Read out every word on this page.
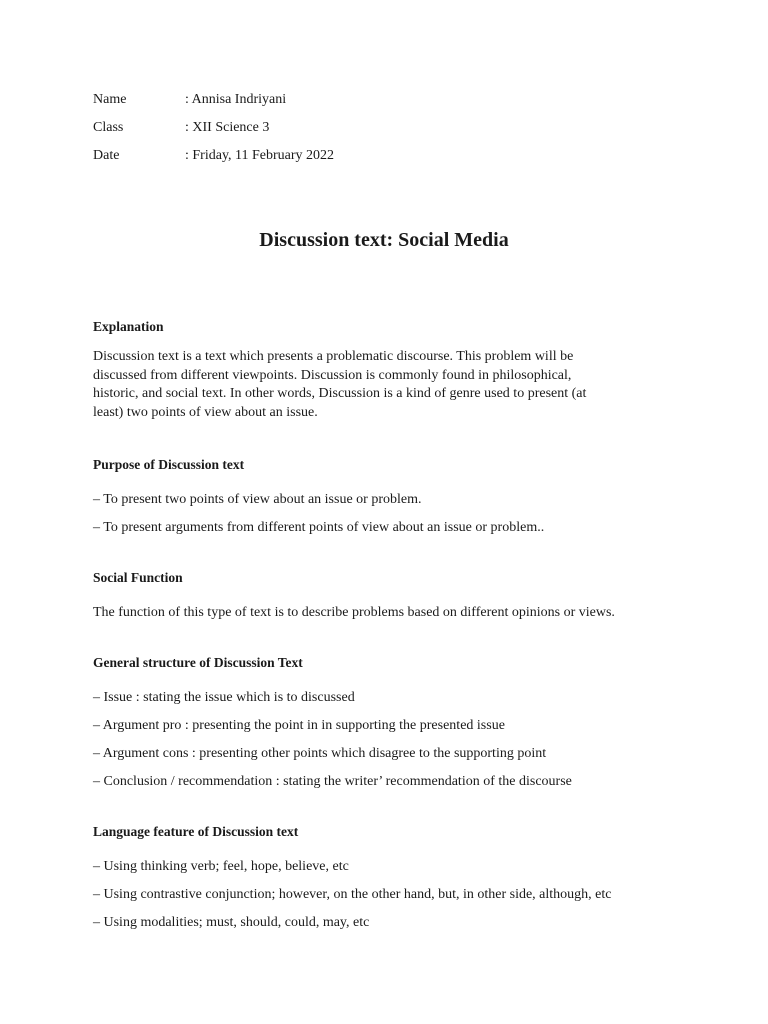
Name	: Annisa Indriyani
Class	: XII Science 3
Date	: Friday, 11 February 2022
Discussion text: Social Media

Explanation

Discussion text is a text which presents a problematic discourse. This problem will be

discussed from different viewpoints. Discussion is commonly found in philosophical,

historic, and social text. In other words, Discussion is a kind of genre used to present (at

least) two points of view about an issue.

Purpose of Discussion text

– To present two points of view about an issue or problem.

– To present arguments from different points of view about an issue or problem..

Social Function

The function of this type of text is to describe problems based on different opinions or views.

General structure of Discussion Text

– Issue : stating the issue which is to discussed

– Argument pro : presenting the point in in supporting the presented issue

– Argument cons : presenting other points which disagree to the supporting point

– Conclusion / recommendation : stating the writer’ recommendation of the discourse

Language feature of Discussion text

– Using thinking verb; feel, hope, believe, etc

– Using contrastive conjunction; however, on the other hand, but, in other side, although, etc

– Using modalities; must, should, could, may, etc
